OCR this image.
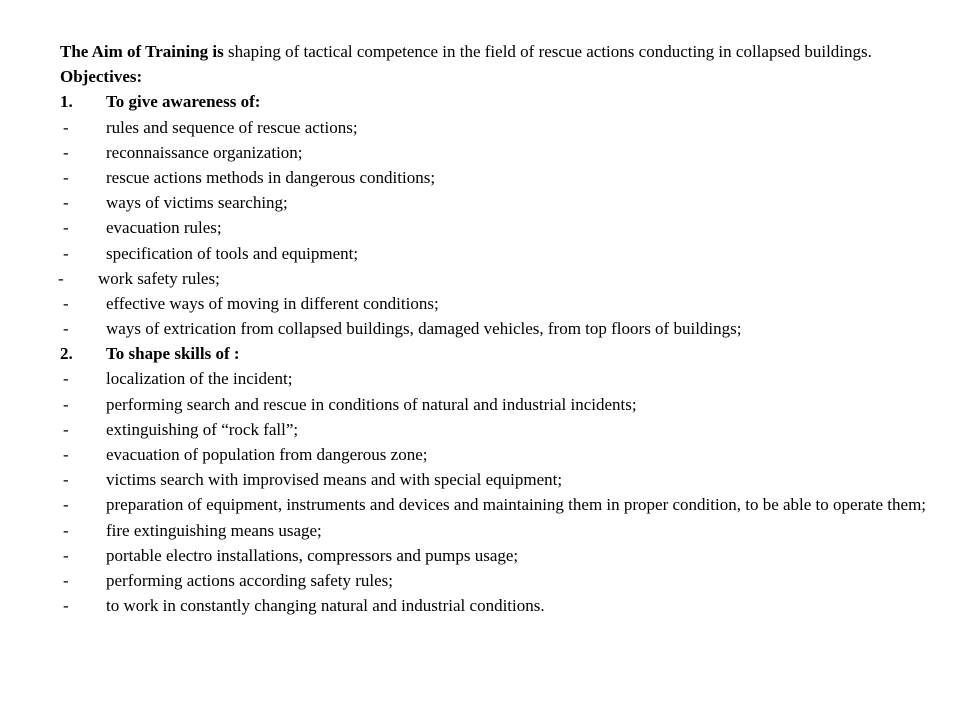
The Aim of Training is shaping of tactical competence in the field of rescue actions conducting in collapsed buildings.

Objectives:
1. To give awareness of:
- rules and sequence of rescue actions;
- reconnaissance organization;
- rescue actions methods in dangerous conditions;
- ways of victims searching;
- evacuation rules;
- specification of tools and equipment;
- work safety rules;
- effective ways of moving in different conditions;
- ways of extrication from collapsed buildings, damaged vehicles, from top floors of buildings;
2. To shape skills of :
- localization of the incident;
- performing search and rescue in conditions of natural and industrial incidents;
- extinguishing of “rock fall”;
- evacuation of population from dangerous zone;
- victims search with improvised means and with special equipment;

- preparation of equipment, instruments and devices and maintaining them in proper condition, to be able to operate them;

- fire extinguishing means usage;
- portable electro installations, compressors and pumps usage;
- performing actions according safety rules;
- to work in constantly changing natural and industrial conditions.
